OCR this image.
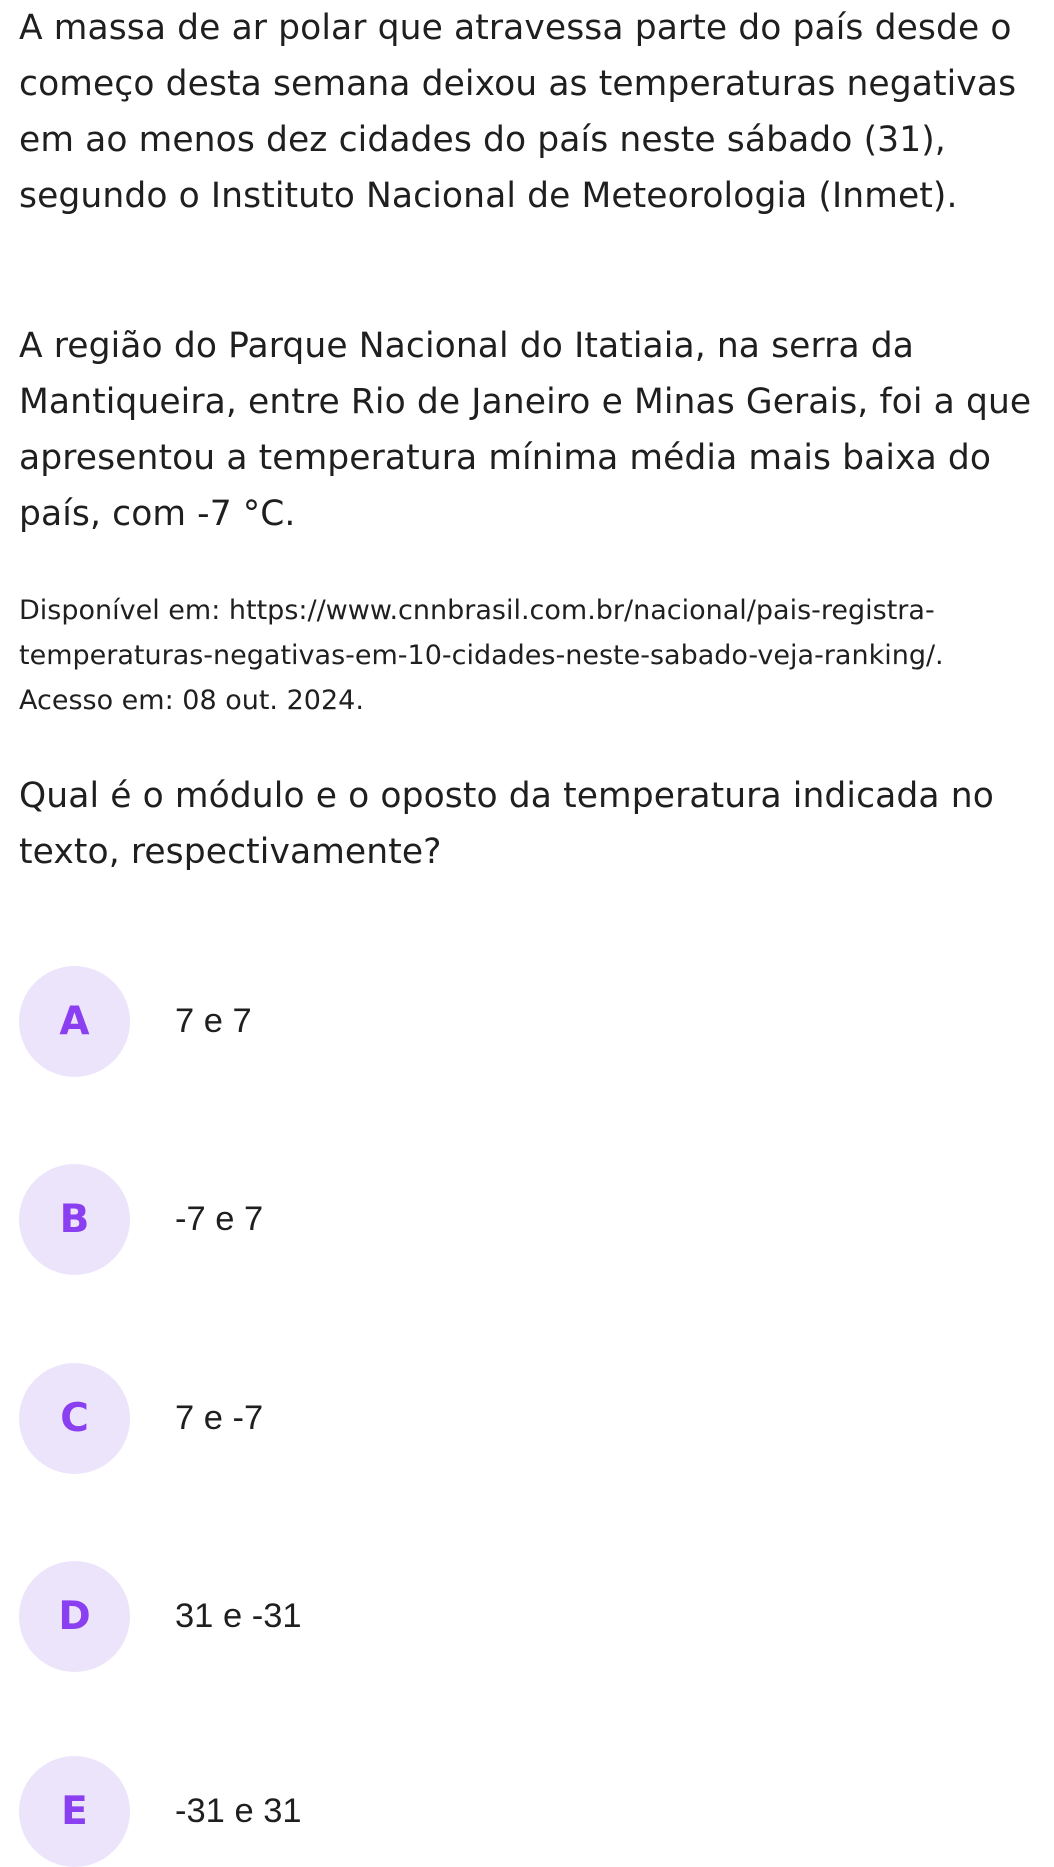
A massa de ar polar que atravessa parte do país desde o começo desta semana deixou as temperaturas negativas em ao menos dez cidades do país neste sábado (31), segundo o Instituto Nacional de Meteorologia (Inmet).

A região do Parque Nacional do Itatiaia, na serra da Mantiqueira, entre Rio de Janeiro e Minas Gerais, foi a que apresentou a temperatura mínima média mais baixa do país, com -7 °C.

Disponível em: https://www.cnnbrasil.com.br/nacional/pais-registra-temperaturas-negativas-em-10-cidades-neste-sabado-veja-ranking/. Acesso em: 08 out. 2024.

Qual é o módulo e o oposto da temperatura indicada no texto, respectivamente?

A	7 e 7
B	-7 e 7
C	7 e -7
D	31 e -31
E	-31 e 31
